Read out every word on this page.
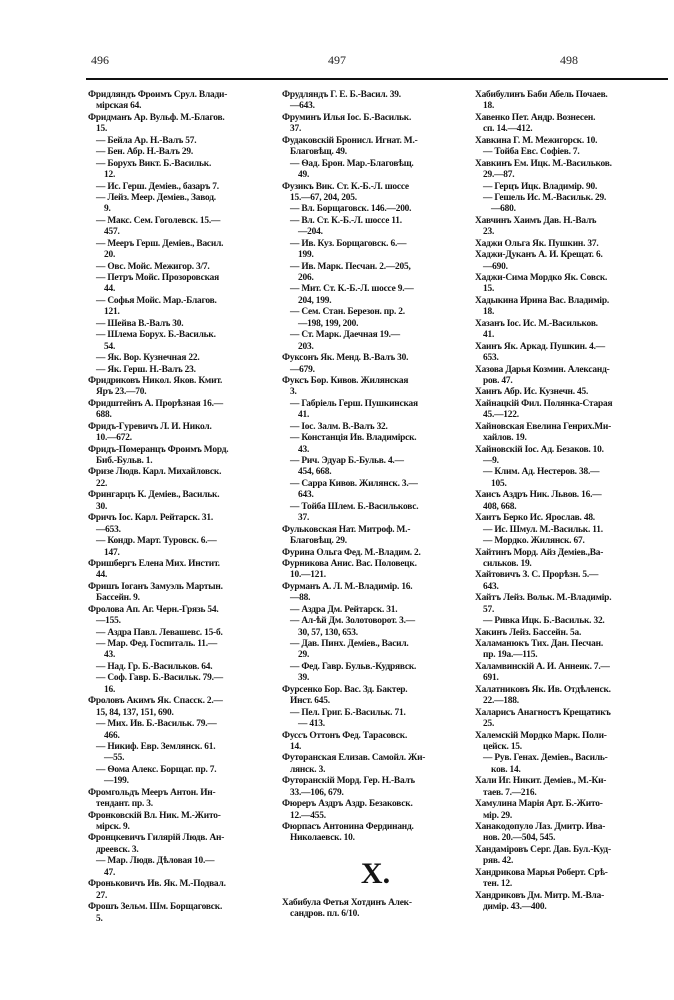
496	497	498
Фридляндъ Фроимъ Срул. Влади-
мірская 64.
Фридманъ Ар. Вульф. М.-Благов.
15.
— Бейла Ар. Н.-Валъ 57.
— Бен. Абр. Н.-Валъ 29.
— Борухъ Викт. Б.-Васильк.
12.
— Ис. Герш. Деміев., базаръ 7.
— Лейз. Меер. Деміев., Завод.
9.
— Макс. Сем. Гоголевск. 15.—
457.
— Мееръ Герш. Деміев., Васил.
20.
— Овс. Мойс. Межигор. 3/7.
— Петръ Мойс. Прозоровская
44.
— Софья Мойс. Мар.-Благов.
121.
— Шейва В.-Валъ 30.
— Шлема Борух. Б.-Васильк.
54.
— Як. Вор. Кузнечная 22.
— Як. Герш. Н.-Валъ 23.
Фридриковъ Никол. Яков. Кмит.
Яръ 23.—70.
Фридштейнъ А. Прорѣзная 16.—
688.
Фридъ-Гуревичъ Л. И. Никол.
10.—672.
Фридъ-Померанцъ Фроимъ Морд.
Биб.-Бульв. 1.
Фризе Людв. Карл. Михайловск.
22.
Фрингарцъ К. Деміев., Васильк.
30.
Фричъ Іос. Карл. Рейтарск. 31.
—653.
— Кондр. Март. Туровск. 6.—
147.
Фришбергъ Елена Мих. Инстит.
44.
Фришъ Іоганъ Замуэль Мартын.
Бассейн. 9.
Фролова Ап. Аг. Черн.-Грязь 54.
—155.
— Аздра Павл. Левашевс. 15-б.
— Мар. Фед. Госпиталь. 11.—
43.
— Над. Гр. Б.-Васильков. 64.
— Соф. Гавр. Б.-Васильк. 79.—
16.
Фроловъ Акимъ Як. Спасск. 2.—
15, 84, 137, 151, 690.
— Мих. Ив. Б.-Васильк. 79.—
466.
— Никиф. Евр. Землянск. 61.
—55.
— Ѳома Алекс. Борщаг. пр. 7.
—199.
Фромгольдъ Мееръ Антон. Ин-
тендант. пр. 3.
Фронковскій Вл. Ник. М.-Жито-
мірск. 9.
Фронцкевичъ Гилярій Людв. Ан-
дреевск. 3.
— Мар. Людв. Дѣловая 10.—
47.
Фроньковичъ Ив. Як. М.-Подвал.
27.
Фрошъ Зельм. Шм. Борщаговск.
5.
Фрудляндъ Г. Е. Б.-Васил. 39.
—643.
Фруминъ Илья Іос. Б.-Васильк.
37.
Фудаковскій Бронисл. Игнат. М.-
Благовѣщ. 49.
— Ѳад. Брон. Мар.-Благовѣщ.
49.
Фузикъ Вик. Ст. К.-Б.-Л. шоссе
15.—67, 204, 205.
— Вл. Борщаговск. 146.—200.
— Вл. Ст. К.-Б.-Л. шоссе 11.
—204.
— Ив. Куз. Борщаговск. 6.—
199.
— Ив. Марк. Песчан. 2.—205,
206.
— Мит. Ст. К.-Б.-Л. шоссе 9.—
204, 199.
— Сем. Стан. Березон. пр. 2.
—198, 199, 200.
— Ст. Марк. Даечная 19.—
203.
Фуксонъ Як. Менд. В.-Валъ 30.
—679.
Фуксъ Бор. Кивов. Жилянская
3.
— Габріель Герш. Пушкинская
41.
— Іос. Залм. В.-Валъ 32.
— Констанція Ив. Владимірск.
43.
— Рич. Эдуар Б.-Бульв. 4.—
454, 668.
— Сарра Кивов. Жилянск. 3.—
643.
— Тойба Шлем. Б.-Васильковс.
37.
Фульковская Нат. Митроф. М.-
Благовѣщ. 29.
Фурина Ольга Фед. М.-Владим. 2.
Фурникова Анис. Вас. Половецк.
10.—121.
Фурманъ А. Л. М.-Владимір. 16.
—88.
— Аздра Дм. Рейтарск. 31.
— Ал-ѣй Дм. Золотоворот. 3.—
30, 57, 130, 653.
— Дав. Пинх. Деміев., Васил.
29.
— Фед. Гавр. Бульв.-Кудрявск.
39.
Фурсенко Бор. Вас. Зд. Бактер.
Инст. 645.
— Пел. Григ. Б.-Васильк. 71.
— 413.
Фуссъ Оттонъ Фед. Тарасовск.
14.
Футоранская Елизав. Самойл. Жи-
лянск. 3.
Футоранскій Морд. Гер. Н.-Валъ
33.—106, 679.
Фюреръ Аздръ Аздр. Безаковск.
12.—455.
Фюрпасъ Антонина Фердинанд.
Николаевск. 10.
Х.
Хабибула Фетья Хотдинъ Алек-
сандров. пл. 6/10.
Хабибулинъ Баби Абель Почаев.
18.
Хавенко Пет. Андр. Вознесен.
сп. 14.—412.
Хавкина Г. М. Межигорск. 10.
— Тойба Евс. Софіев. 7.
Хавкинъ Ем. Ицк. М.-Васильков.
29.—87.
— Герцъ Ицк. Владимір. 90.
— Гешель Ис. М.-Васильк. 29.
—680.
Хавчинъ Хаимъ Дав. Н.-Валъ
23.
Хаджи Ольга Як. Пушкин. 37.
Хаджи-Дуканъ А. И. Крещат. 6.
—690.
Хаджи-Сима Мордко Як. Совск.
15.
Хадыкина Ирина Вас. Владимір.
18.
Хазанъ Іос. Ис. М.-Васильков.
41.
Хаинъ Як. Аркад. Пушкин. 4.—
653.
Хазова Дарья Козмин. Александ-
ров. 47.
Хаинъ Абр. Ис. Кузнечн. 45.
Хайнацкій Фил. Полянка-Старая
45.—122.
Хайновская Евелина Генрих.Ми-
хайлов. 19.
Хайновскій Іос. Ад. Безаков. 10.
—9.
— Клим. Ад. Нестеров. 38.—
105.
Хаисъ Аздръ Ник. Львов. 16.—
408, 668.
Хаитъ Берко Ис. Ярослав. 48.
— Ис. Шмул. М.-Васильк. 11.
— Мордко. Жилянск. 67.
Хайтинъ Морд. Айз Деміев.,Ва-
сильков. 19.
Хайтовичъ З. С. Прорѣзн. 5.—
643.
Хайтъ Лейз. Вольк. М.-Владимір.
57.
— Ривка Ицк. Б.-Васильк. 32.
Хакинъ Лейз. Бассейн. 5а.
Халаманюкъ Тих. Дан. Песчан.
пр. 19а.—115.
Халамвинскій А. И. Аннеик. 7.—
691.
Халатниковъ Як. Ив. Отдѣленск.
22.—188.
Халарисъ Анагностъ Крещатикъ
25.
Халемскій Мордко Марк. Поли-
цейск. 15.
— Рув. Генах. Деміев., Василь-
ков. 14.
Хали Иг. Никит. Деміев., М.-Ки-
таев. 7.—216.
Хамулина Марія Арт. Б.-Жито-
мір. 29.
Ханакодопуло Лаз. Дмитр. Ива-
нов. 20.—504, 545.
Хандаміровъ Серг. Дав. Бул.-Куд-
ряв. 42.
Хандрикова Марья Роберт. Срѣ-
тен. 12.
Хандриковъ Дм. Митр. М.-Вла-
димір. 43.—400.
